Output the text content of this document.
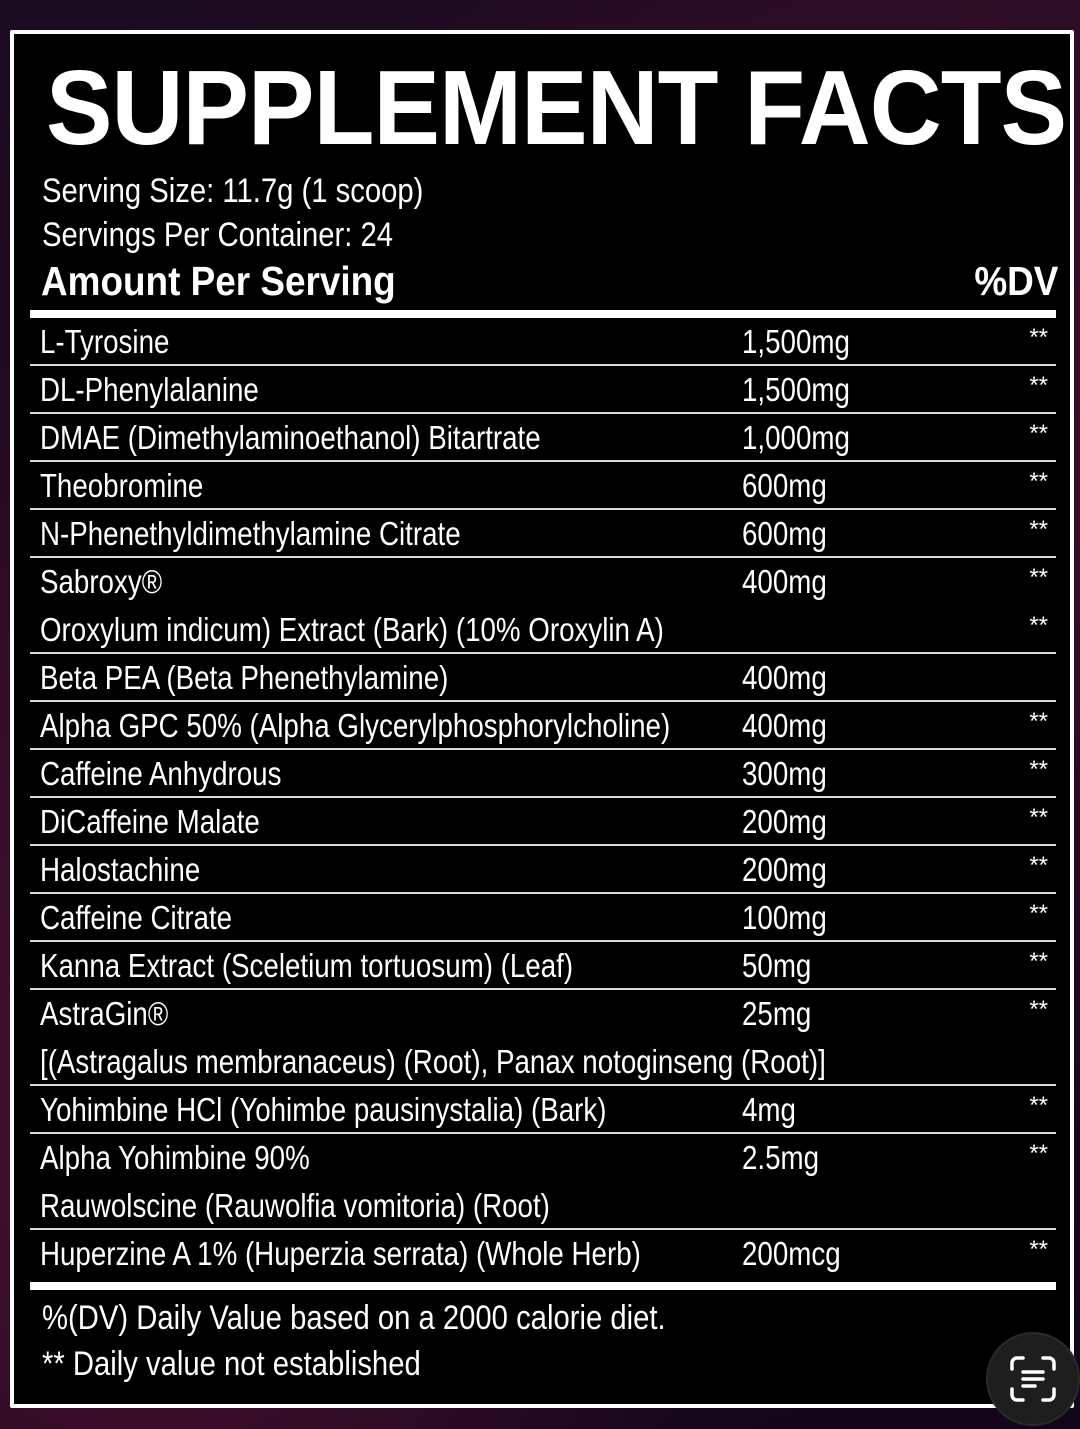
SUPPLEMENT FACTS
Serving Size: 11.7g (1 scoop)
Servings Per Container: 24
Amount Per Serving	%DV
L-Tyrosine	1,500mg	**
DL-Phenylalanine	1,500mg	**
DMAE (Dimethylaminoethanol) Bitartrate	1,000mg	**
Theobromine	600mg	**
N-Phenethyldimethylamine Citrate	600mg	**
Sabroxy®	400mg	**
Oroxylum indicum) Extract (Bark) (10% Oroxylin A)	**
Beta PEA (Beta Phenethylamine)	400mg
Alpha GPC 50% (Alpha Glycerylphosphorylcholine) 400mg	**
Caffeine Anhydrous	300mg	**
DiCaffeine Malate	200mg	**
Halostachine	200mg	**
Caffeine Citrate	100mg	**
Kanna Extract (Sceletium tortuosum) (Leaf)	50mg	**
AstraGin®	25mg	**
[(Astragalus membranaceus) (Root), Panax notoginseng (Root)]
Yohimbine HCl (Yohimbe pausinystalia) (Bark)	4mg	**
Alpha Yohimbine 90%	2.5mg	**
Rauwolscine (Rauwolfia vomitoria) (Root)
Huperzine A 1% (Huperzia serrata) (Whole Herb)	200mcg	**
%(DV) Daily Value based on a 2000 calorie diet.
** Daily value not established
